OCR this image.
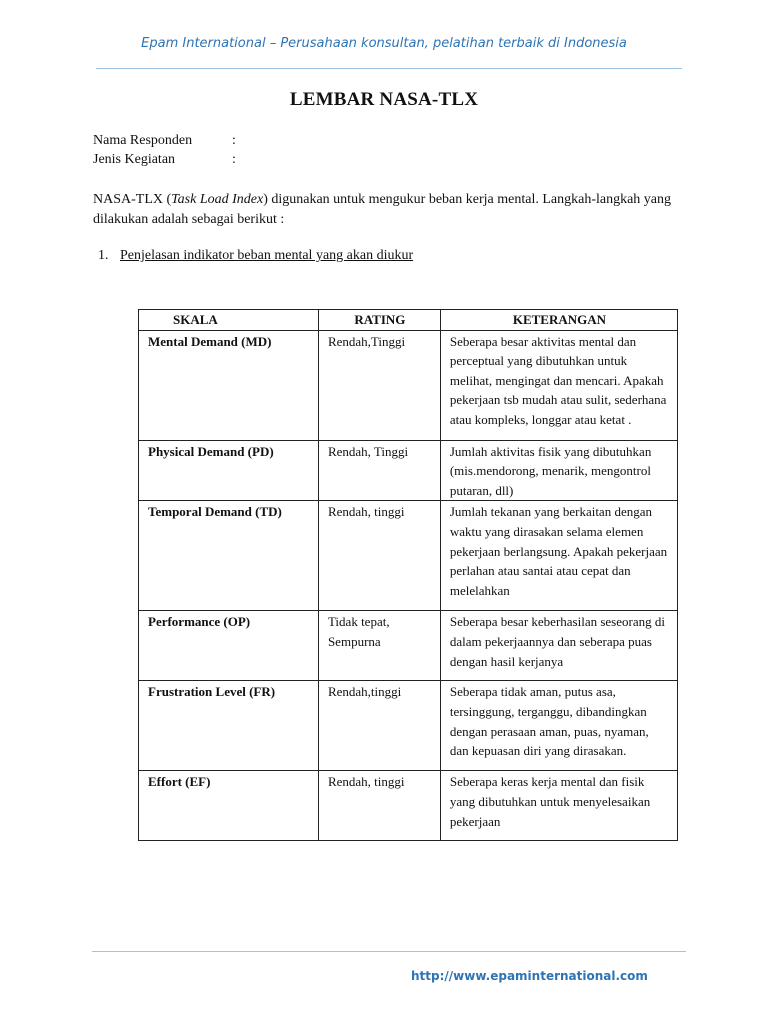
Epam International – Perusahaan konsultan, pelatihan terbaik di Indonesia
LEMBAR NASA-TLX
Nama Responden	:
Jenis Kegiatan	:
NASA-TLX (Task Load Index) digunakan untuk mengukur beban kerja mental. Langkah-langkah yang dilakukan adalah sebagai berikut :
1. Penjelasan indikator beban mental yang akan diukur
SKALA	RATING	KETERANGAN
Mental Demand (MD)	Rendah,Tinggi	Seberapa besar aktivitas mental dan perceptual yang dibutuhkan untuk melihat, mengingat dan mencari. Apakah pekerjaan tsb mudah atau sulit, sederhana atau kompleks, longgar atau ketat .
Physical Demand (PD)	Rendah, Tinggi	Jumlah aktivitas fisik yang dibutuhkan (mis.mendorong, menarik, mengontrol putaran, dll)
Temporal Demand (TD)	Rendah, tinggi	Jumlah tekanan yang berkaitan dengan waktu yang dirasakan selama elemen pekerjaan berlangsung. Apakah pekerjaan perlahan atau santai atau cepat dan melelahkan
Performance (OP)	Tidak tepat, Sempurna	Seberapa besar keberhasilan seseorang di dalam pekerjaannya dan seberapa puas dengan hasil kerjanya
Frustration Level (FR)	Rendah,tinggi	Seberapa tidak aman, putus asa, tersinggung, terganggu, dibandingkan dengan perasaan aman, puas, nyaman, dan kepuasan diri yang dirasakan.
Effort (EF)	Rendah, tinggi	Seberapa keras kerja mental dan fisik yang dibutuhkan untuk menyelesaikan pekerjaan
http://www.epaminternational.com
